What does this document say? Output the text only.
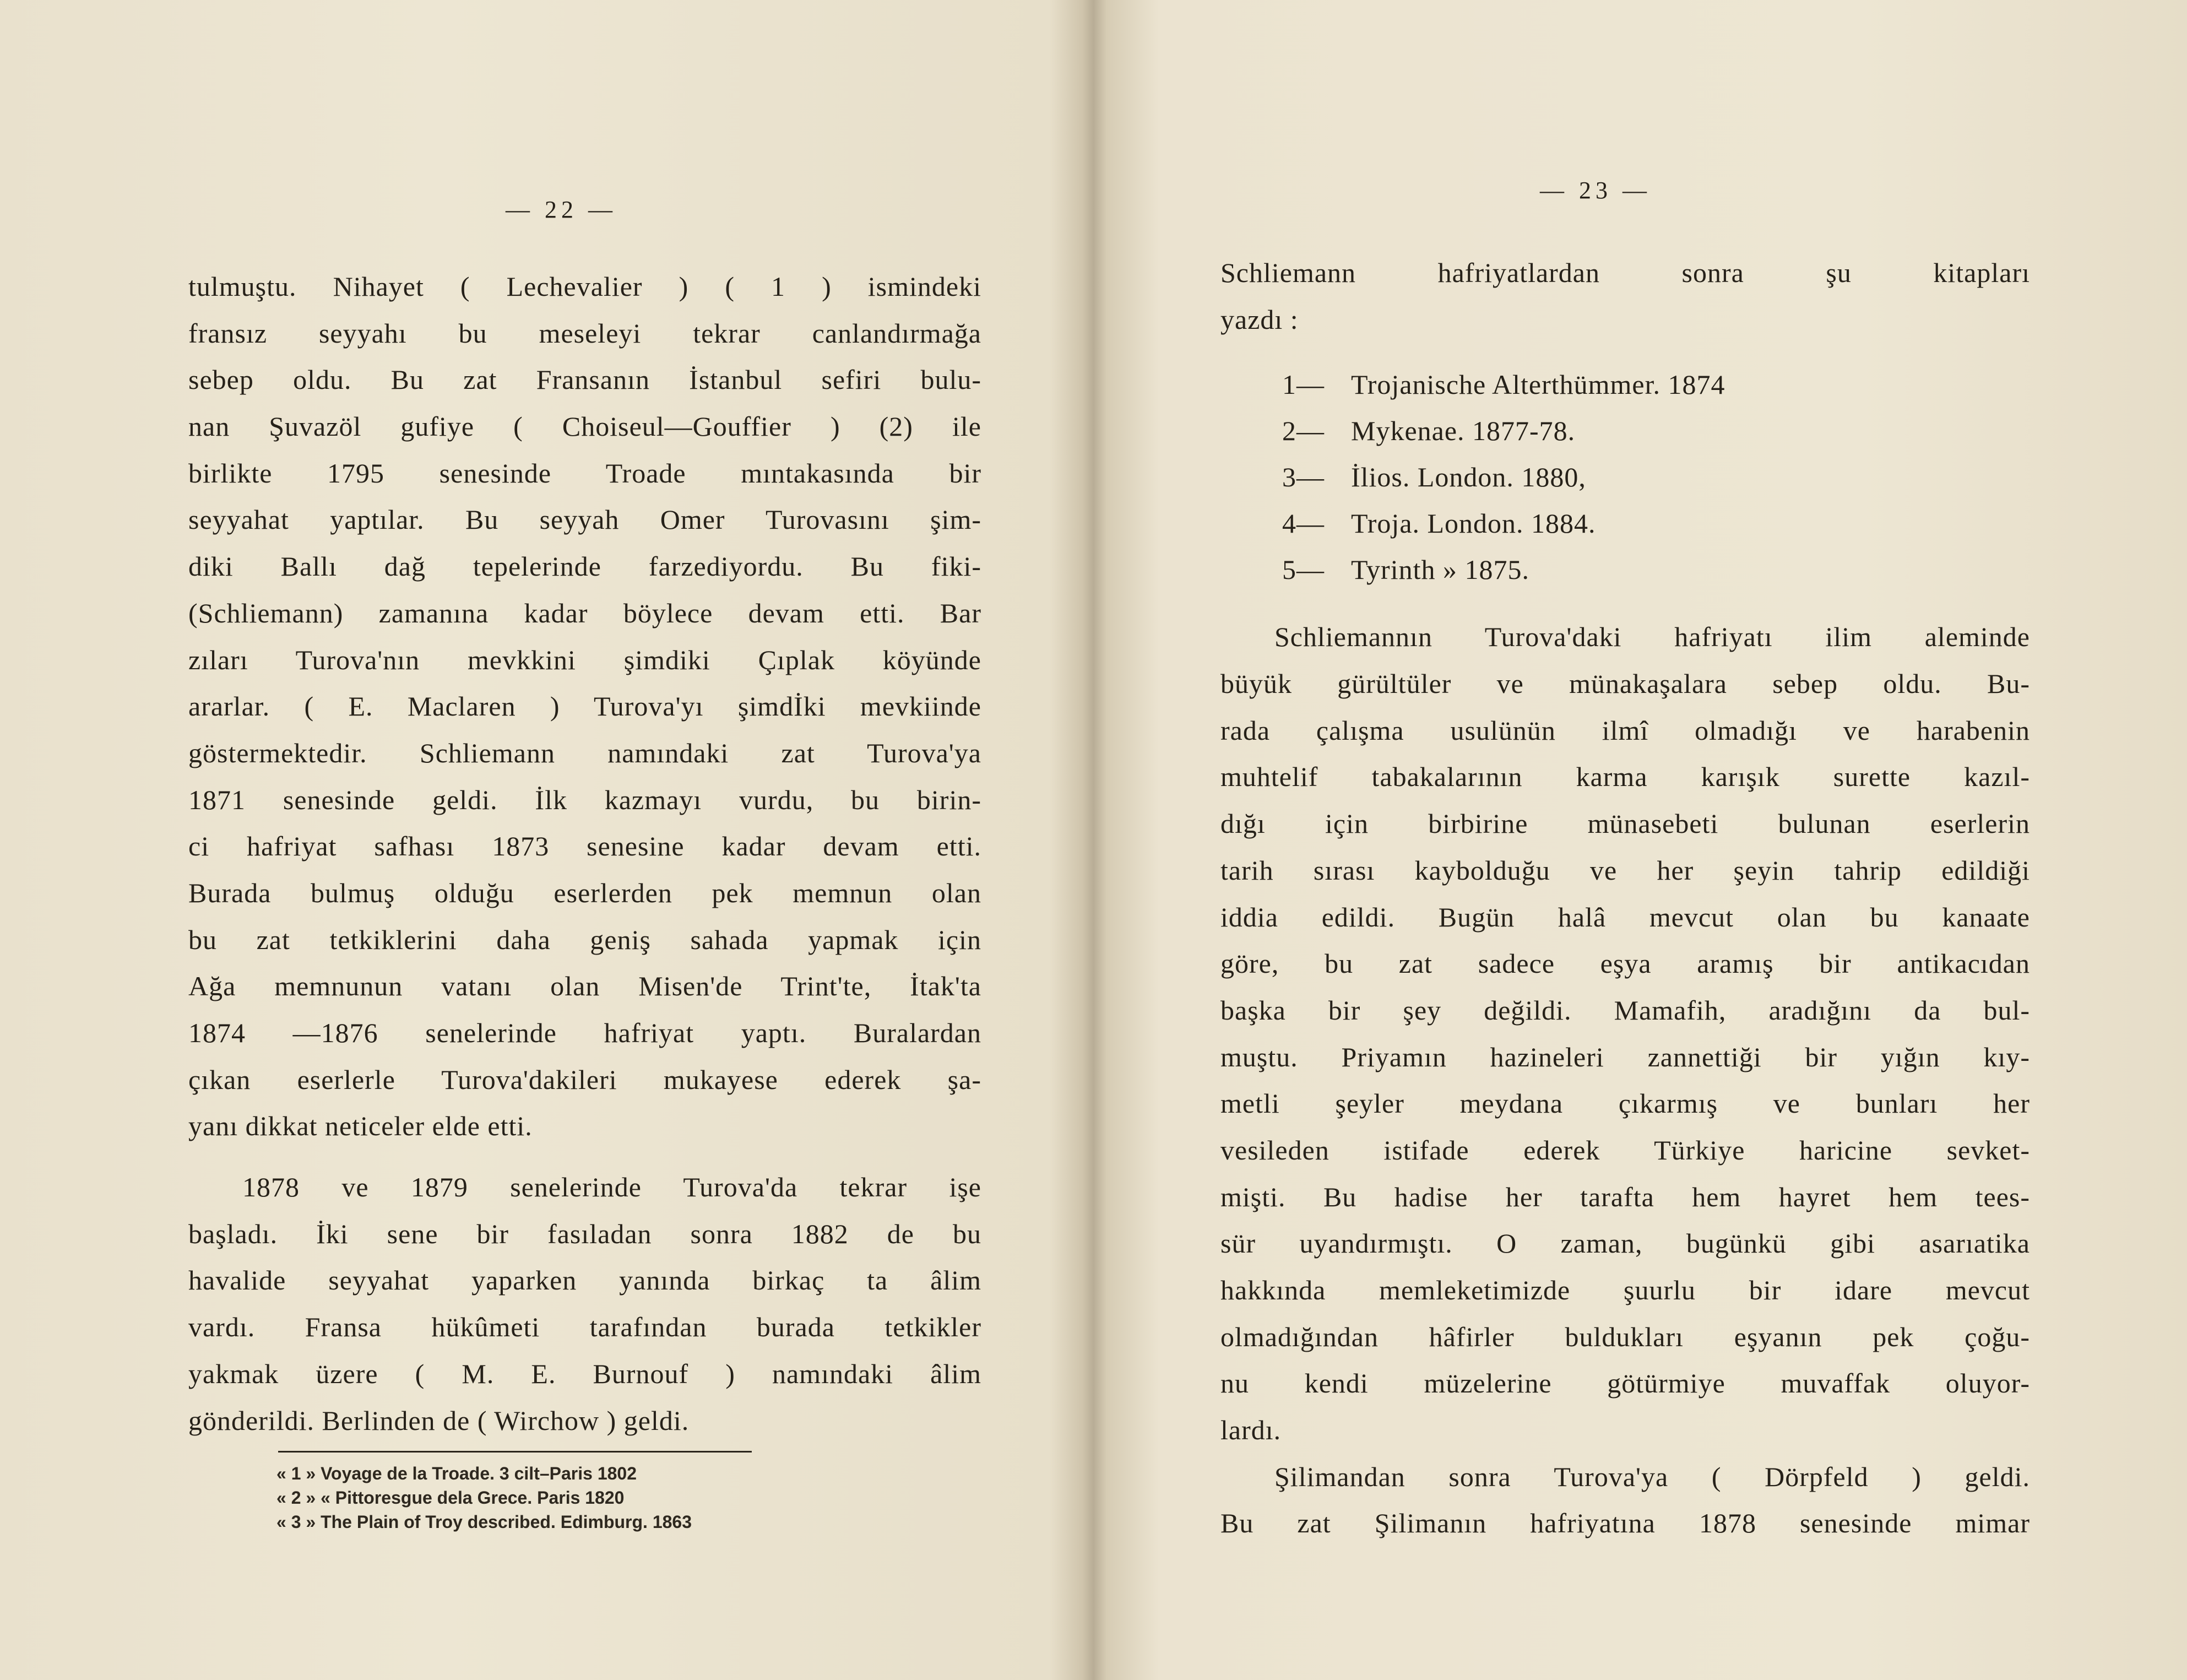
— 22 —
tulmuştu. Nihayet ( Lechevalier ) ( 1 ) ismindeki
fransız seyyahı bu meseleyi tekrar canlandırmağa
sebep oldu. Bu zat Fransanın İstanbul sefiri bulu-
nan Şuvazöl gufiye ( Choiseul—Gouffier ) (2) ile
birlikte 1795 senesinde Troade mıntakasında bir
seyyahat yaptılar. Bu seyyah Omer Turovasını şim-
diki Ballı dağ tepelerinde farzediyordu. Bu fiki-
(Schliemann) zamanına kadar böylece devam etti. Bar
zıları Turova'nın mevkkini şimdiki Çıplak köyünde
ararlar. ( E. Maclaren ) Turova'yı şimdİki mevkiinde
göstermektedir. Schliemann namındaki zat Turova'ya
1871 senesinde geldi. İlk kazmayı vurdu, bu birin-
ci hafriyat safhası 1873 senesine kadar devam etti.
Burada bulmuş olduğu eserlerden pek memnun olan
bu zat tetkiklerini daha geniş sahada yapmak için
Ağa memnunun vatanı olan Misen'de Trint'te, İtak'ta
1874 —1876 senelerinde hafriyat yaptı. Buralardan
çıkan eserlerle Turova'dakileri mukayese ederek şa-
yanı dikkat neticeler elde etti.
1878 ve 1879 senelerinde Turova'da tekrar işe
başladı. İki sene bir fasıladan sonra 1882 de bu
havalide seyyahat yaparken yanında birkaç ta âlim
vardı. Fransa hükûmeti tarafından burada tetkikler
yakmak üzere ( M. E. Burnouf ) namındaki âlim
gönderildi. Berlinden de ( Wirchow ) geldi.
« 1 » Voyage de la Troade. 3 cilt–Paris 1802
« 2 » « Pittoresgue dela Grece. Paris 1820
« 3 » The Plain of Troy described. Edimburg. 1863
— 23 —
Schliemann hafriyatlardan sonra şu kitapları
yazdı :
1— Trojanische Alterthümmer. 1874
2— Mykenae. 1877-78.
3— İlios. London. 1880,
4— Troja. London. 1884.
5— Tyrinth » 1875.
Schliemannın Turova'daki hafriyatı ilim aleminde
büyük gürültüler ve münakaşalara sebep oldu. Bu-
rada çalışma usulünün ilmî olmadığı ve harabenin
muhtelif tabakalarının karma karışık surette kazıl-
dığı için birbirine münasebeti bulunan eserlerin
tarih sırası kaybolduğu ve her şeyin tahrip edildiği
iddia edildi. Bugün halâ mevcut olan bu kanaate
göre, bu zat sadece eşya aramış bir antikacıdan
başka bir şey değildi. Mamafih, aradığını da bul-
muştu. Priyamın hazineleri zannettiği bir yığın kıy-
metli şeyler meydana çıkarmış ve bunları her
vesileden istifade ederek Türkiye haricine sevket-
mişti. Bu hadise her tarafta hem hayret hem tees-
sür uyandırmıştı. O zaman, bugünkü gibi asarıatika
hakkında memleketimizde şuurlu bir idare mevcut
olmadığından hâfirler buldukları eşyanın pek çoğu-
nu kendi müzelerine götürmiye muvaffak oluyor-
lardı.
Şilimandan sonra Turova'ya ( Dörpfeld ) geldi.
Bu zat Şilimanın hafriyatına 1878 senesinde mimar
